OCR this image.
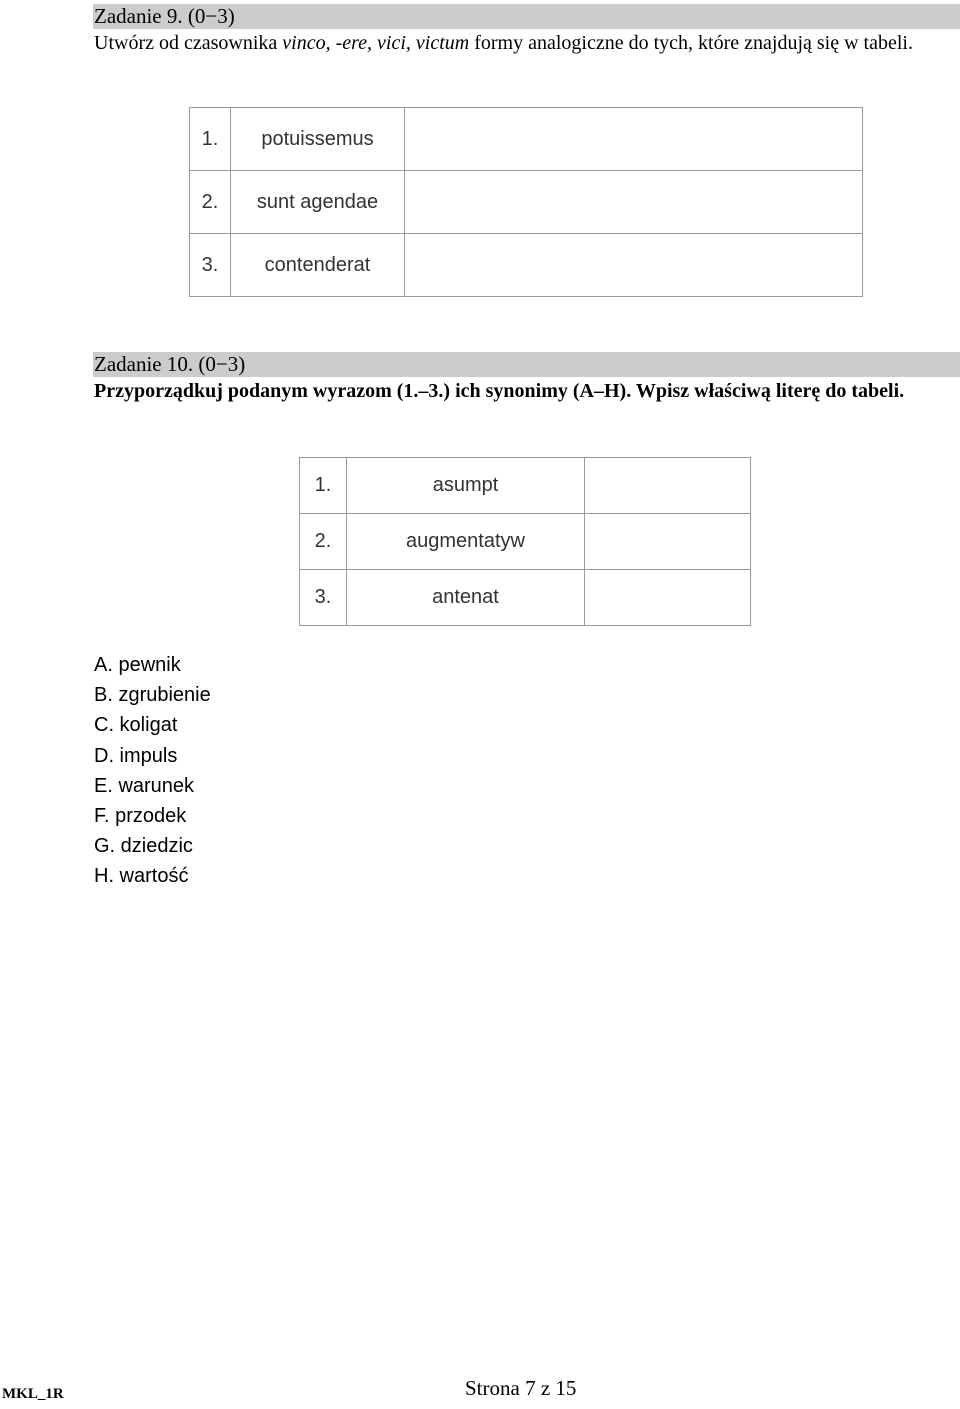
Zadanie 9. (0−3)
Utwórz od czasownika vinco, -ere, vici, victum formy analogiczne do tych, które znajdują się w tabeli.
1.	potuissemus	
2.	sunt agendae	
3.	contenderat	
Zadanie 10. (0−3)
Przyporządkuj podanym wyrazom (1.–3.) ich synonimy (A–H). Wpisz właściwą literę do tabeli.
1.	asumpt	
2.	augmentatyw	
3.	antenat	
A. pewnik
B. zgrubienie
C. koligat
D. impuls
E. warunek
F. przodek
G. dziedzic
H. wartość
MKL_1R	Strona 7 z 15
